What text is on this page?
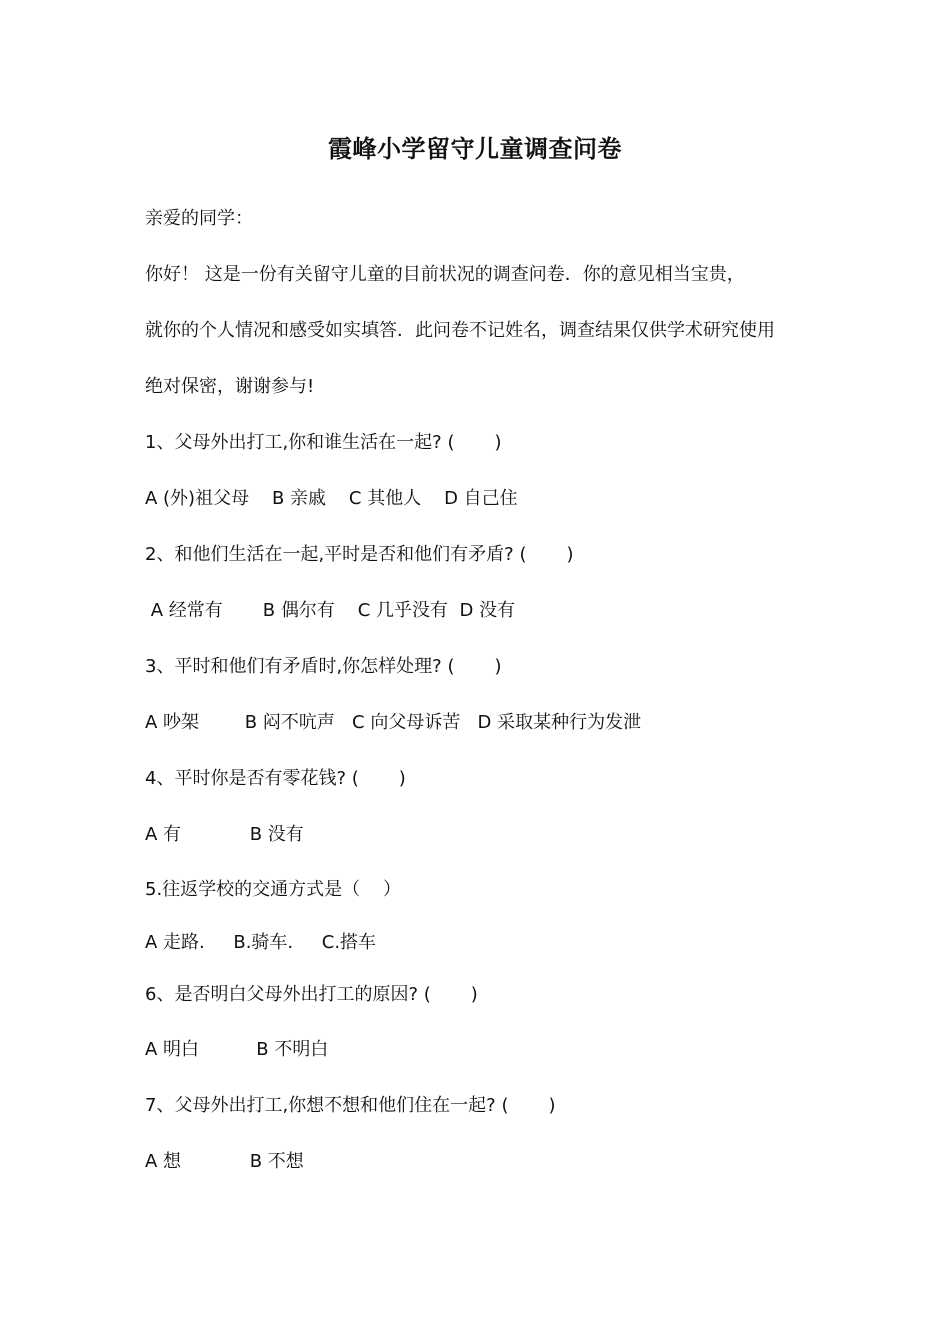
霞峰小学留守儿童调查问卷
亲爱的同学：
你好！ 这是一份有关留守儿童的目前状况的调查问卷．你的意见相当宝贵，
就你的个人情况和感受如实填答．此问卷不记姓名，调查结果仅供学术研究使用
绝对保密，谢谢参与!
1、父母外出打工,你和谁生活在一起? (       )
A (外)祖父母    B 亲戚    C 其他人    D 自己住
2、和他们生活在一起,平时是否和他们有矛盾? (       )
A 经常有       B 偶尔有    C 几乎没有  D 没有
3、平时和他们有矛盾时,你怎样处理? (       )
A 吵架        B 闷不吭声   C 向父母诉苦   D 采取某种行为发泄
4、平时你是否有零花钱? (       )
A 有            B 没有
5.往返学校的交通方式是（    ）
A 走路.     B.骑车.     C.搭车
6、是否明白父母外出打工的原因? (       )
A 明白          B 不明白
7、父母外出打工,你想不想和他们住在一起? (       )
A 想            B 不想
